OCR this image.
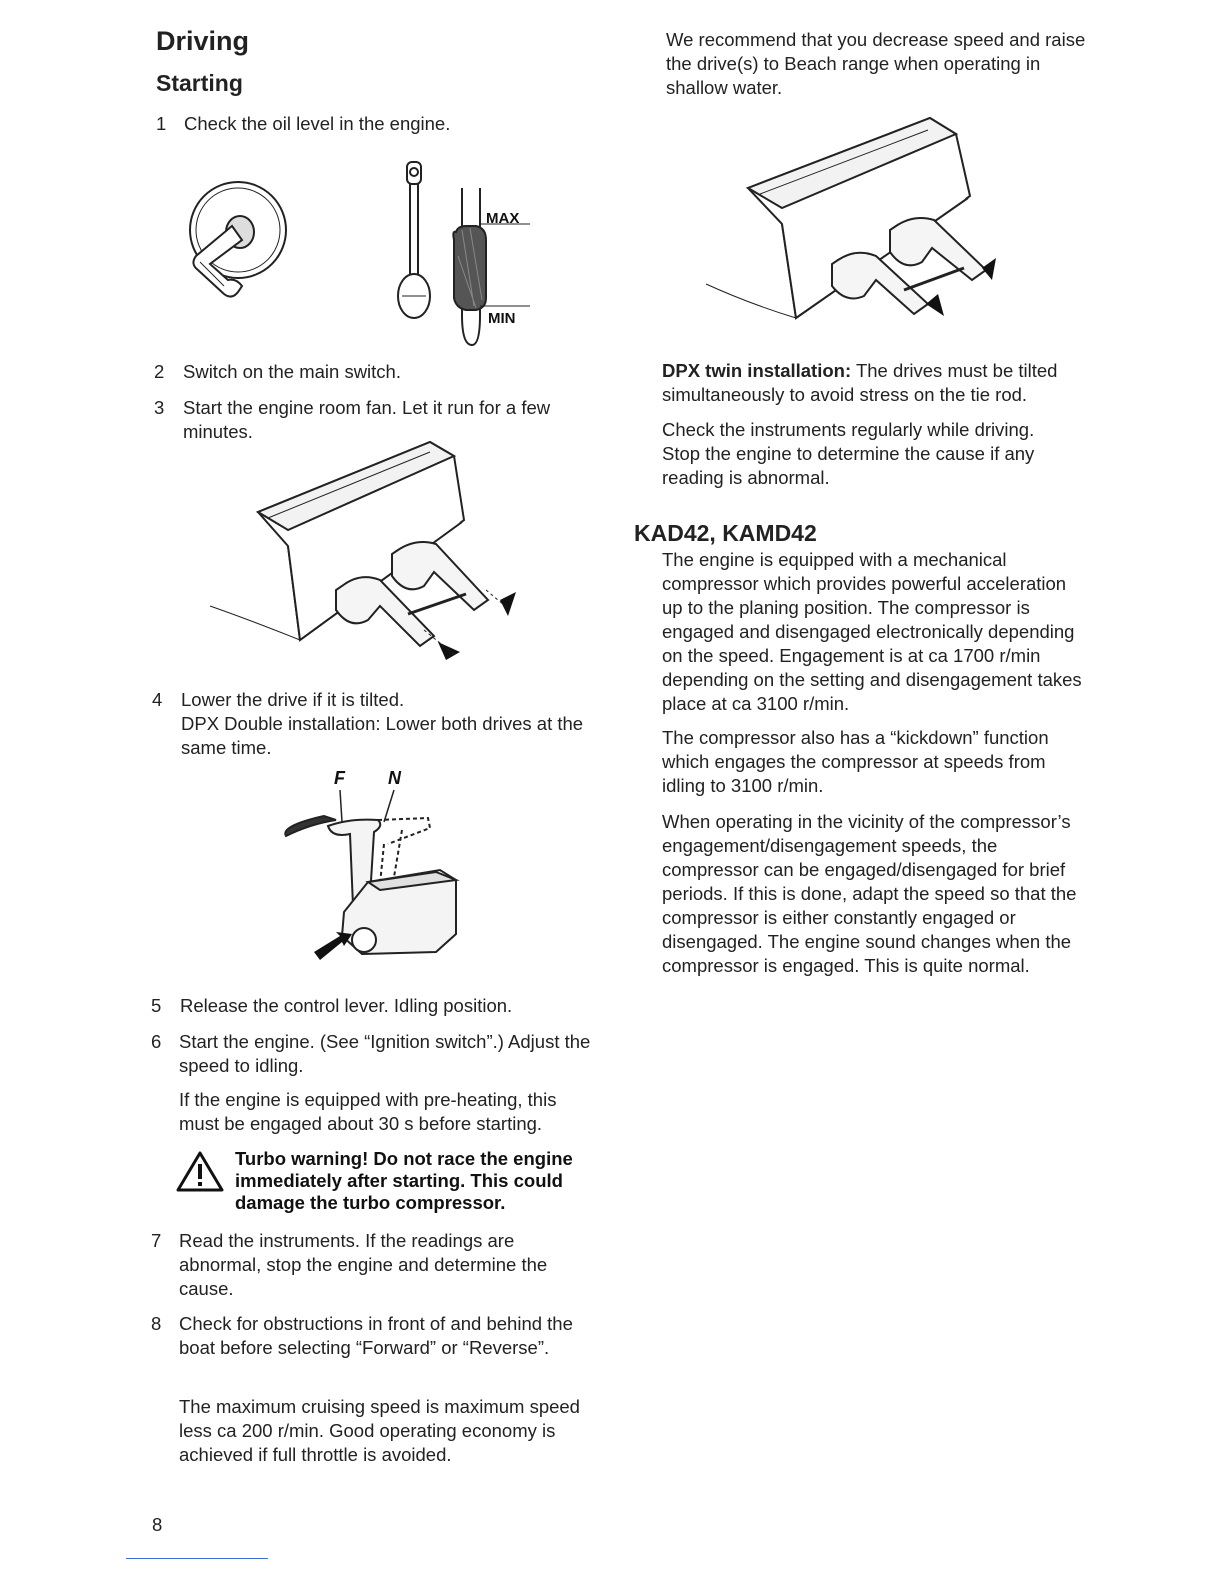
Driving
Starting
1 Check the oil level in the engine.
MAX
MIN
2	Switch on the main switch.
3	Start the engine room fan. Let it run for a few minutes.
4	Lower the drive if it is tilted.
DPX Double installation: Lower both drives at the same time.
F N
5	Release the control lever. Idling position.
6 Start the engine. (See “Ignition switch”.) Adjust the speed to idling.
If the engine is equipped with pre-heating, this must be engaged about 30 s before starting.
Turbo warning! Do not race the engine immediately after starting. This could damage the turbo compressor.
7 Read the instruments. If the readings are abnormal, stop the engine and determine the cause.
8 Check for obstructions in front of and behind the boat before selecting “Forward” or “Reverse”.
The maximum cruising speed is maximum speed less ca 200 r/min. Good operating economy is achieved if full throttle is avoided.
8
We recommend that you decrease speed and raise the drive(s) to Beach range when operating in shallow water.
DPX twin installation: The drives must be tilted simultaneously to avoid stress on the tie rod.
Check the instruments regularly while driving. Stop the engine to determine the cause if any reading is abnormal.
KAD42, KAMD42
The engine is equipped with a mechanical compressor which provides powerful acceleration up to the planing position. The compressor is engaged and disengaged electronically depending on the speed. Engagement is at ca 1700 r/min depending on the setting and disengagement takes place at ca 3100 r/min.
The compressor also has a “kickdown” function which engages the compressor at speeds from idling to 3100 r/min.
When operating in the vicinity of the compressor’s engagement/disengagement speeds, the compressor can be engaged/disengaged for brief periods. If this is done, adapt the speed so that the compressor is either constantly engaged or disengaged. The engine sound changes when the compressor is engaged. This is quite normal.
